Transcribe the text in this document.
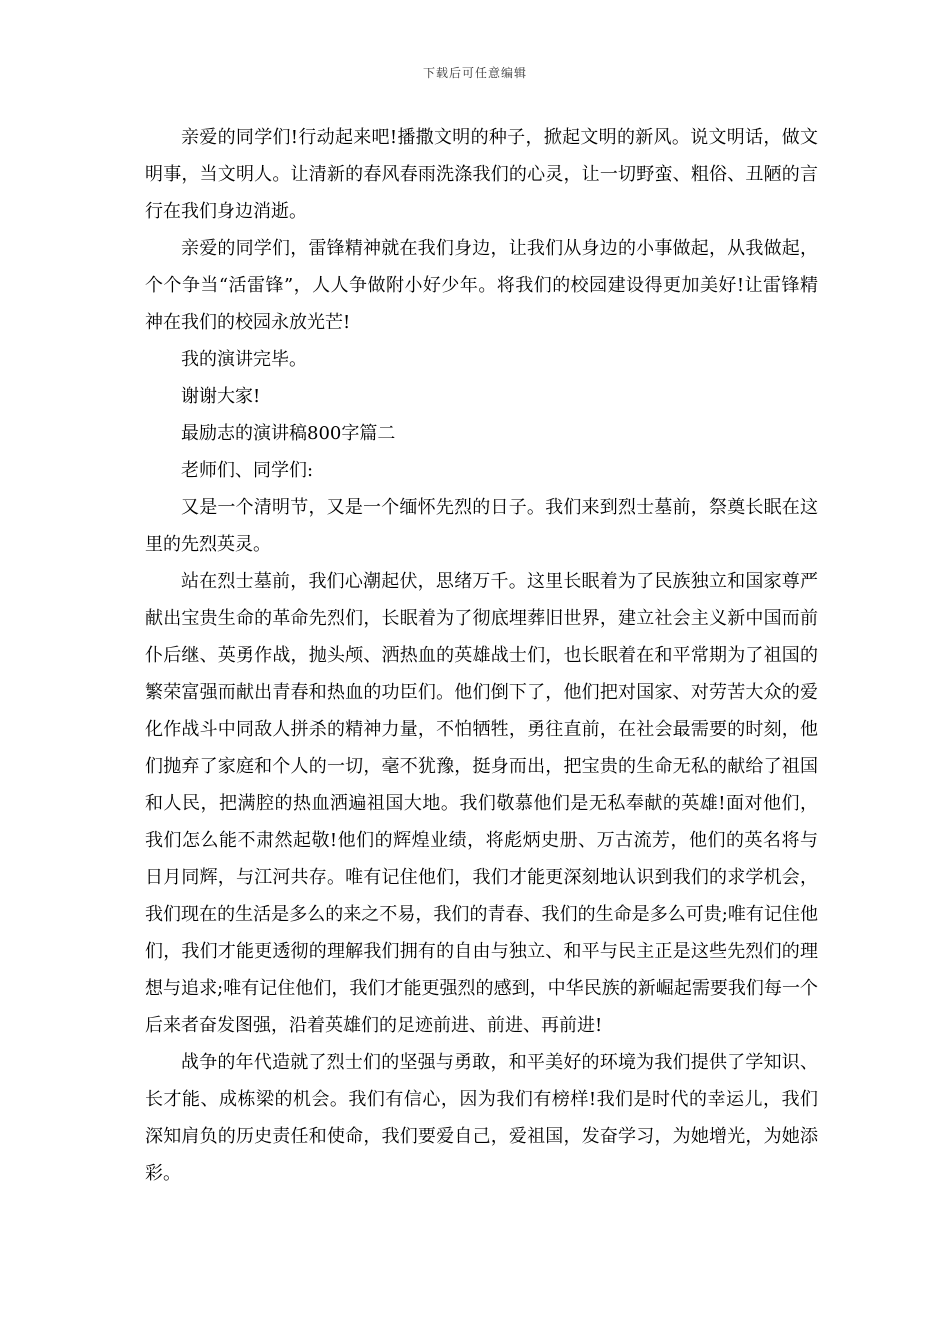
下载后可任意编辑

亲爱的同学们!行动起来吧!播撒文明的种子，掀起文明的新风。说文明话，做文明事，当文明人。让清新的春风春雨洗涤我们的心灵，让一切野蛮、粗俗、丑陋的言行在我们身边消逝。

亲爱的同学们，雷锋精神就在我们身边，让我们从身边的小事做起，从我做起，个个争当“活雷锋”，人人争做附小好少年。将我们的校园建设得更加美好!让雷锋精神在我们的校园永放光芒!

我的演讲完毕。

谢谢大家!

最励志的演讲稿800字篇二

老师们、同学们:

又是一个清明节，又是一个缅怀先烈的日子。我们来到烈士墓前，祭奠长眠在这里的先烈英灵。

站在烈士墓前，我们心潮起伏，思绪万千。这里长眠着为了民族独立和国家尊严献出宝贵生命的革命先烈们，长眠着为了彻底埋葬旧世界，建立社会主义新中国而前仆后继、英勇作战，抛头颅、洒热血的英雄战士们，也长眠着在和平常期为了祖国的繁荣富强而献出青春和热血的功臣们。他们倒下了，他们把对国家、对劳苦大众的爱化作战斗中同敌人拼杀的精神力量，不怕牺牲，勇往直前，在社会最需要的时刻，他们抛弃了家庭和个人的一切，毫不犹豫，挺身而出，把宝贵的生命无私的献给了祖国和人民，把满腔的热血洒遍祖国大地。我们敬慕他们是无私奉献的英雄!面对他们，我们怎么能不肃然起敬!他们的辉煌业绩，将彪炳史册、万古流芳，他们的英名将与日月同辉，与江河共存。唯有记住他们，我们才能更深刻地认识到我们的求学机会，我们现在的生活是多么的来之不易，我们的青春、我们的生命是多么可贵;唯有记住他们，我们才能更透彻的理解我们拥有的自由与独立、和平与民主正是这些先烈们的理想与追求;唯有记住他们，我们才能更强烈的感到，中华民族的新崛起需要我们每一个后来者奋发图强，沿着英雄们的足迹前进、前进、再前进!

战争的年代造就了烈士们的坚强与勇敢，和平美好的环境为我们提供了学知识、长才能、成栋梁的机会。我们有信心，因为我们有榜样!我们是时代的幸运儿，我们深知肩负的历史责任和使命，我们要爱自己，爱祖国，发奋学习，为她增光，为她添彩。
